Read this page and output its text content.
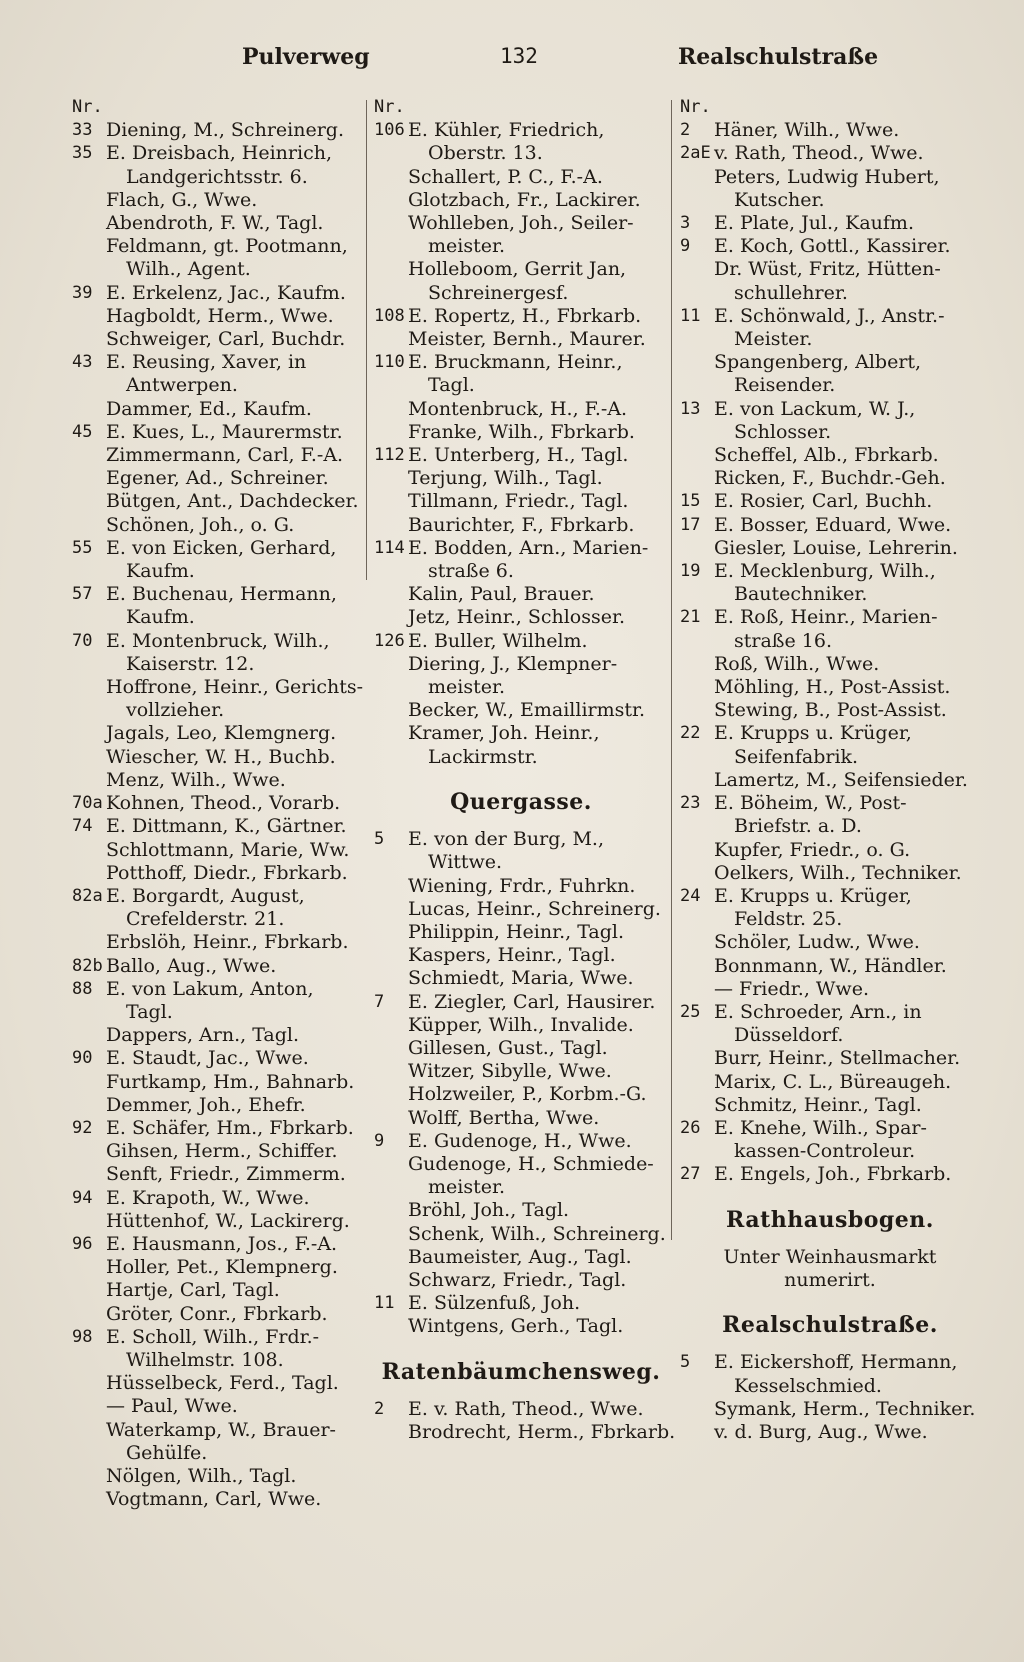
Pulverweg	132	Realschulstraße
Nr.
33 Diening, M., Schreinerg.
35 E. Dreisbach, Heinrich,
Landgerichtsstr. 6.
Flach, G., Wwe.
Abendroth, F. W., Tagl.
Feldmann, gt. Pootmann,
Wilh., Agent.
39 E. Erkelenz, Jac., Kaufm.
Hagboldt, Herm., Wwe.
Schweiger, Carl, Buchdr.
43 E. Reusing, Xaver, in
Antwerpen.
Dammer, Ed., Kaufm.
45 E. Kues, L., Maurermstr.
Zimmermann, Carl, F.-A.
Egener, Ad., Schreiner.
Bütgen, Ant., Dachdecker.
Schönen, Joh., o. G.
55 E. von Eicken, Gerhard,
Kaufm.
57 E. Buchenau, Hermann,
Kaufm.
70 E. Montenbruck, Wilh.,
Kaiserstr. 12.
Hoffrone, Heinr., Gerichts-
vollzieher.
Jagals, Leo, Klemgnerg.
Wiescher, W. H., Buchb.
Menz, Wilh., Wwe.
70a Kohnen, Theod., Vorarb.
74 E. Dittmann, K., Gärtner.
Schlottmann, Marie, Ww.
Potthoff, Diedr., Fbrkarb.
82a E. Borgardt, August,
Crefelderstr. 21.
Erbslöh, Heinr., Fbrkarb.
82b Ballo, Aug., Wwe.
88 E. von Lakum, Anton,
Tagl.
Dappers, Arn., Tagl.
90 E. Staudt, Jac., Wwe.
Furtkamp, Hm., Bahnarb.
Demmer, Joh., Ehefr.
92 E. Schäfer, Hm., Fbrkarb.
Gihsen, Herm., Schiffer.
Senft, Friedr., Zimmerm.
94 E. Krapoth, W., Wwe.
Hüttenhof, W., Lackirerg.
96 E. Hausmann, Jos., F.-A.
Holler, Pet., Klempnerg.
Hartje, Carl, Tagl.
Gröter, Conr., Fbrkarb.
98 E. Scholl, Wilh., Frdr.-
Wilhelmstr. 108.
Hüsselbeck, Ferd., Tagl.
— Paul, Wwe.
Waterkamp, W., Brauer-
Gehülfe.
Nölgen, Wilh., Tagl.
Vogtmann, Carl, Wwe.
Nr.
106 E. Kühler, Friedrich,
Oberstr. 13.
Schallert, P. C., F.-A.
Glotzbach, Fr., Lackirer.
Wohlleben, Joh., Seiler-
meister.
Holleboom, Gerrit Jan,
Schreinergesf.
108 E. Ropertz, H., Fbrkarb.
Meister, Bernh., Maurer.
110 E. Bruckmann, Heinr.,
Tagl.
Montenbruck, H., F.-A.
Franke, Wilh., Fbrkarb.
112 E. Unterberg, H., Tagl.
Terjung, Wilh., Tagl.
Tillmann, Friedr., Tagl.
Baurichter, F., Fbrkarb.
114 E. Bodden, Arn., Marien-
straße 6.
Kalin, Paul, Brauer.
Jetz, Heinr., Schlosser.
126 E. Buller, Wilhelm.
Diering, J., Klempner-
meister.
Becker, W., Emaillirmstr.
Kramer, Joh. Heinr.,
Lackirmstr.
Quergasse.
5	E. von der Burg, M.,
Wittwe.
Wiening, Frdr., Fuhrkn.
Lucas, Heinr., Schreinerg.
Philippin, Heinr., Tagl.
Kaspers, Heinr., Tagl.
Schmiedt, Maria, Wwe.
7	E. Ziegler, Carl, Hausirer.
Küpper, Wilh., Invalide.
Gillesen, Gust., Tagl.
Witzer, Sibylle, Wwe.
Holzweiler, P., Korbm.-G.
Wolff, Bertha, Wwe.
9	E. Gudenoge, H., Wwe.
Gudenoge, H., Schmiede-
meister.
Bröhl, Joh., Tagl.
Schenk, Wilh., Schreinerg.
Baumeister, Aug., Tagl.
Schwarz, Friedr., Tagl.
11 E. Sülzenfuß, Joh.
Wintgens, Gerh., Tagl.
Ratenbäumchensweg.
2	E. v. Rath, Theod., Wwe.
Brodrecht, Herm., Fbrkarb.
Nr.
2	Häner, Wilh., Wwe.
2aE v. Rath, Theod., Wwe.
Peters, Ludwig Hubert,
Kutscher.
3	E. Plate, Jul., Kaufm.
9	E. Koch, Gottl., Kassirer.
Dr. Wüst, Fritz, Hütten-
schullehrer.
11 E. Schönwald, J., Anstr.-
Meister.
Spangenberg, Albert,
Reisender.
13 E. von Lackum, W. J.,
Schlosser.
Scheffel, Alb., Fbrkarb.
Ricken, F., Buchdr.-Geh.
15 E. Rosier, Carl, Buchh.
17 E. Bosser, Eduard, Wwe.
Giesler, Louise, Lehrerin.
19 E. Mecklenburg, Wilh.,
Bautechniker.
21 E. Roß, Heinr., Marien-
straße 16.
Roß, Wilh., Wwe.
Möhling, H., Post-Assist.
Stewing, B., Post-Assist.
22 E. Krupps u. Krüger,
Seifenfabrik.
Lamertz, M., Seifensieder.
23 E. Böheim, W., Post-
Briefstr. a. D.
Kupfer, Friedr., o. G.
Oelkers, Wilh., Techniker.
24 E. Krupps u. Krüger,
Feldstr. 25.
Schöler, Ludw., Wwe.
Bonnmann, W., Händler.
— Friedr., Wwe.
25 E. Schroeder, Arn., in
Düsseldorf.
Burr, Heinr., Stellmacher.
Marix, C. L., Büreaugeh.
Schmitz, Heinr., Tagl.
26 E. Knehe, Wilh., Spar-
kassen-Controleur.
27 E. Engels, Joh., Fbrkarb.
Rathhausbogen.
Unter Weinhausmarkt
numerirt.
Realschulstraße.
5	E. Eickershoff, Hermann,
Kesselschmied.
Symank, Herm., Techniker.
v. d. Burg, Aug., Wwe.
